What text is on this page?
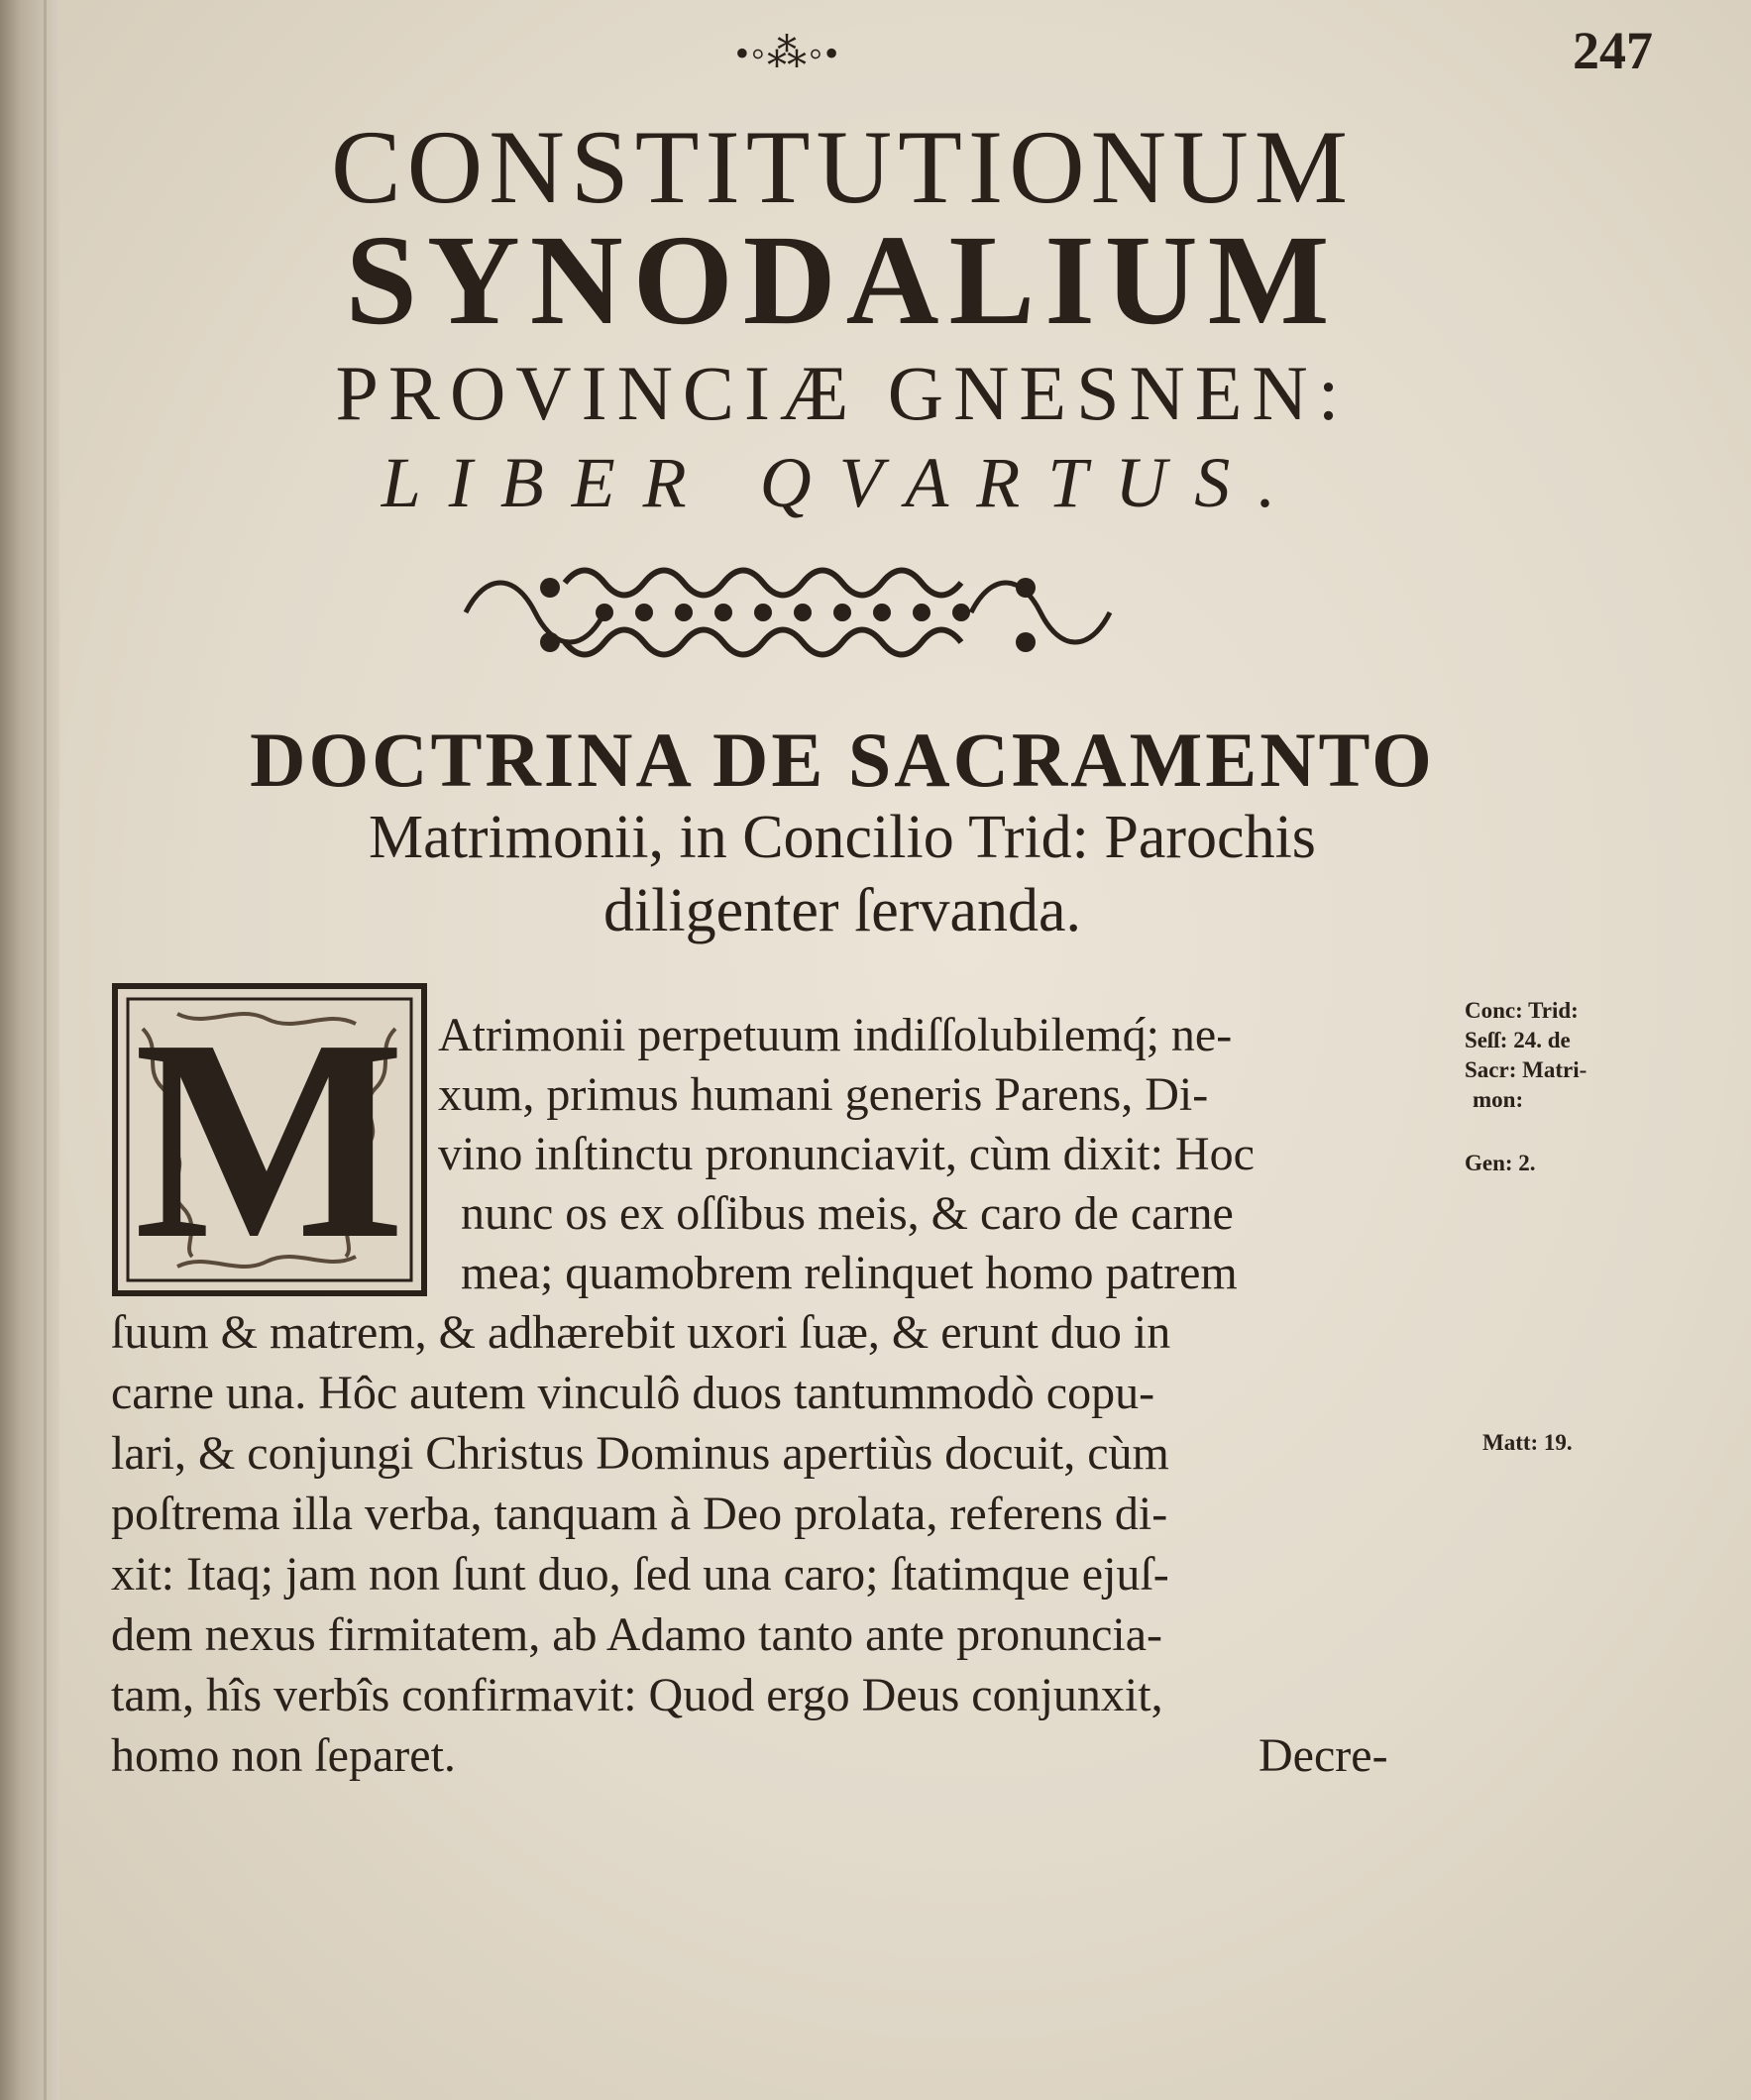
•◦⁂◦•	247
CONSTITUTIONUM
SYNODALIUM
PROVINCIÆ GNESNEN:
LIBER QVARTUS.
DOCTRINA DE SACRAMENTO
Matrimonii, in Concilio Trid: Parochis
diligenter ſervanda.
M Atrimonii perpetuum indiſſolubilemq́; ne-
xum, primus humani generis Parens, Di-
vino inſtinctu pronunciavit, cùm dixit: Hoc
nunc os ex oſſibus meis, & caro de carne
mea; quamobrem relinquet homo patrem
ſuum & matrem, & adhærebit uxori ſuæ, & erunt duo in
carne una. Hôc autem vinculô duos tantummodò copu-
lari, & conjungi Christus Dominus apertiùs docuit, cùm
poſtrema illa verba, tanquam à Deo prolata, referens di-
xit: Itaq; jam non ſunt duo, ſed una caro; ſtatimque ejuſ-
dem nexus firmitatem, ab Adamo tanto ante pronuncia-
tam, hîs verbîs confirmavit: Quod ergo Deus conjunxit,
homo non ſeparet.	Decre-
Conc: Trid:
Seſſ: 24. de
Sacr: Matri-
mon:
Gen: 2.
Matt: 19.
